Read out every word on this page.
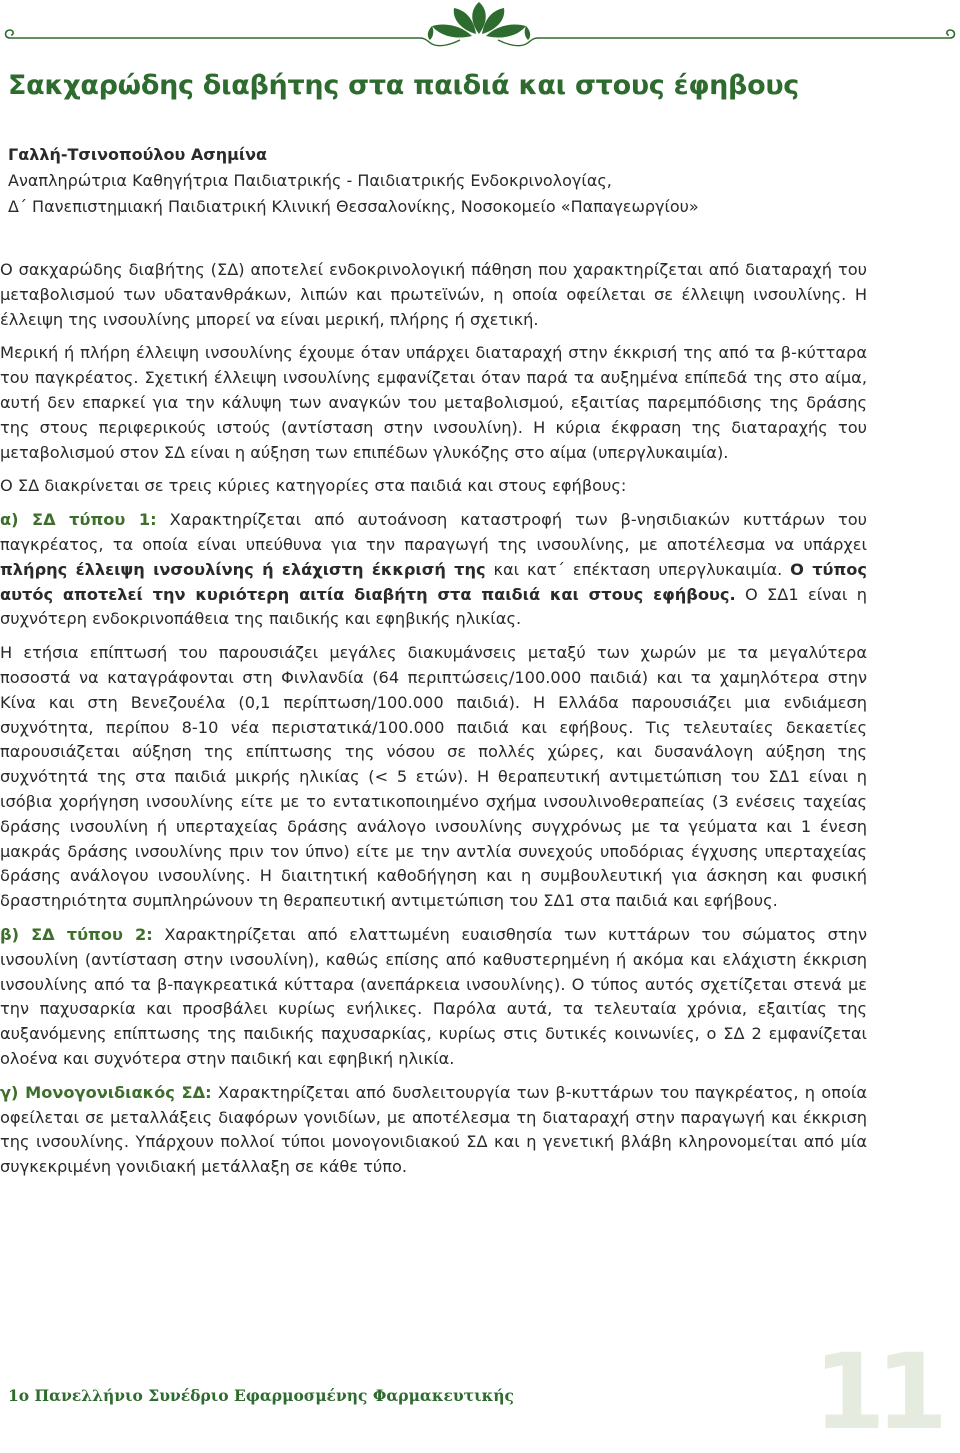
Σακχαρώδης διαβήτης στα παιδιά και στους έφηβους
Γαλλή-Τσινοπούλου Ασημίνα
Αναπληρώτρια Καθηγήτρια Παιδιατρικής - Παιδιατρικής Ενδοκρινολογίας,
Δ΄ Πανεπιστημιακή Παιδιατρική Κλινική Θεσσαλονίκης, Νοσοκομείο «Παπαγεωργίου»

Ο σακχαρώδης διαβήτης (ΣΔ) αποτελεί ενδοκρινολογική πάθηση που χαρακτηρίζεται από διαταραχή του μεταβολισμού των υδατανθράκων, λιπών και πρωτεϊνών, η οποία οφείλεται σε έλλειψη ινσουλίνης. Η έλλειψη της ινσουλίνης μπορεί να είναι μερική, πλήρης ή σχετική.

Μερική ή πλήρη έλλειψη ινσουλίνης έχουμε όταν υπάρχει διαταραχή στην έκκρισή της από τα β-κύτταρα του παγκρέατος. Σχετική έλλειψη ινσουλίνης εμφανίζεται όταν παρά τα αυξημένα επίπεδά της στο αίμα, αυτή δεν επαρκεί για την κάλυψη των αναγκών του μεταβολισμού, εξαιτίας παρεμπόδισης της δράσης της στους περιφερικούς ιστούς (αντίσταση στην ινσουλίνη). Η κύρια έκφραση της διαταραχής του μεταβολισμού στον ΣΔ είναι η αύξηση των επιπέδων γλυκόζης στο αίμα (υπεργλυκαιμία).

Ο ΣΔ διακρίνεται σε τρεις κύριες κατηγορίες στα παιδιά και στους εφήβους:

α) ΣΔ τύπου 1: Χαρακτηρίζεται από αυτοάνοση καταστροφή των β-νησιδιακών κυττάρων του παγκρέατος, τα οποία είναι υπεύθυνα για την παραγωγή της ινσουλίνης, με αποτέλεσμα να υπάρχει πλήρης έλλειψη ινσουλίνης ή ελάχιστη έκκρισή της και κατ΄ επέκταση υπεργλυκαιμία. Ο τύπος αυτός αποτελεί την κυριότερη αιτία διαβήτη στα παιδιά και στους εφήβους. Ο ΣΔ1 είναι η συχνότερη ενδοκρινοπάθεια της παιδικής και εφηβικής ηλικίας.

Η ετήσια επίπτωσή του παρουσιάζει μεγάλες διακυμάνσεις μεταξύ των χωρών με τα μεγαλύτερα ποσοστά να καταγράφονται στη Φινλανδία (64 περιπτώσεις/100.000 παιδιά) και τα χαμηλότερα στην Κίνα και στη Βενεζουέλα (0,1 περίπτωση/100.000 παιδιά). Η Ελλάδα παρουσιάζει μια ενδιάμεση συχνότητα, περίπου 8-10 νέα περιστατικά/100.000 παιδιά και εφήβους. Τις τελευταίες δεκαετίες παρουσιάζεται αύξηση της επίπτωσης της νόσου σε πολλές χώρες, και δυσανάλογη αύξηση της συχνότητά της στα παιδιά μικρής ηλικίας (< 5 ετών). Η θεραπευτική αντιμετώπιση του ΣΔ1 είναι η ισόβια χορήγηση ινσουλίνης είτε με το εντατικοποιημένο σχήμα ινσουλινοθεραπείας (3 ενέσεις ταχείας δράσης ινσουλίνη ή υπερταχείας δράσης ανάλογο ινσουλίνης συγχρόνως με τα γεύματα και 1 ένεση μακράς δράσης ινσουλίνης πριν τον ύπνο) είτε με την αντλία συνεχούς υποδόριας έγχυσης υπερταχείας δράσης ανάλογου ινσουλίνης. Η διαιτητική καθοδήγηση και η συμβουλευτική για άσκηση και φυσική δραστηριότητα συμπληρώνουν τη θεραπευτική αντιμετώπιση του ΣΔ1 στα παιδιά και εφήβους.

β) ΣΔ τύπου 2: Χαρακτηρίζεται από ελαττωμένη ευαισθησία των κυττάρων του σώματος στην ινσουλίνη (αντίσταση στην ινσουλίνη), καθώς επίσης από καθυστερημένη ή ακόμα και ελάχιστη έκκριση ινσουλίνης από τα β-παγκρεατικά κύτταρα (ανεπάρκεια ινσουλίνης). Ο τύπος αυτός σχετίζεται στενά με την παχυσαρκία και προσβάλει κυρίως ενήλικες. Παρόλα αυτά, τα τελευταία χρόνια, εξαιτίας της αυξανόμενης επίπτωσης της παιδικής παχυσαρκίας, κυρίως στις δυτικές κοινωνίες, ο ΣΔ 2 εμφανίζεται ολοένα και συχνότερα στην παιδική και εφηβική ηλικία.

γ) Μονογονιδιακός ΣΔ: Χαρακτηρίζεται από δυσλειτουργία των β-κυττάρων του παγκρέατος, η οποία οφείλεται σε μεταλλάξεις διαφόρων γονιδίων, με αποτέλεσμα τη διαταραχή στην παραγωγή και έκκριση της ινσουλίνης. Υπάρχουν πολλοί τύποι μονογονιδιακού ΣΔ και η γενετική βλάβη κληρονομείται από μία συγκεκριμένη γονιδιακή μετάλλαξη σε κάθε τύπο.

1ο Πανελλήνιο Συνέδριο Εφαρμοσμένης Φαρμακευτικής	11
